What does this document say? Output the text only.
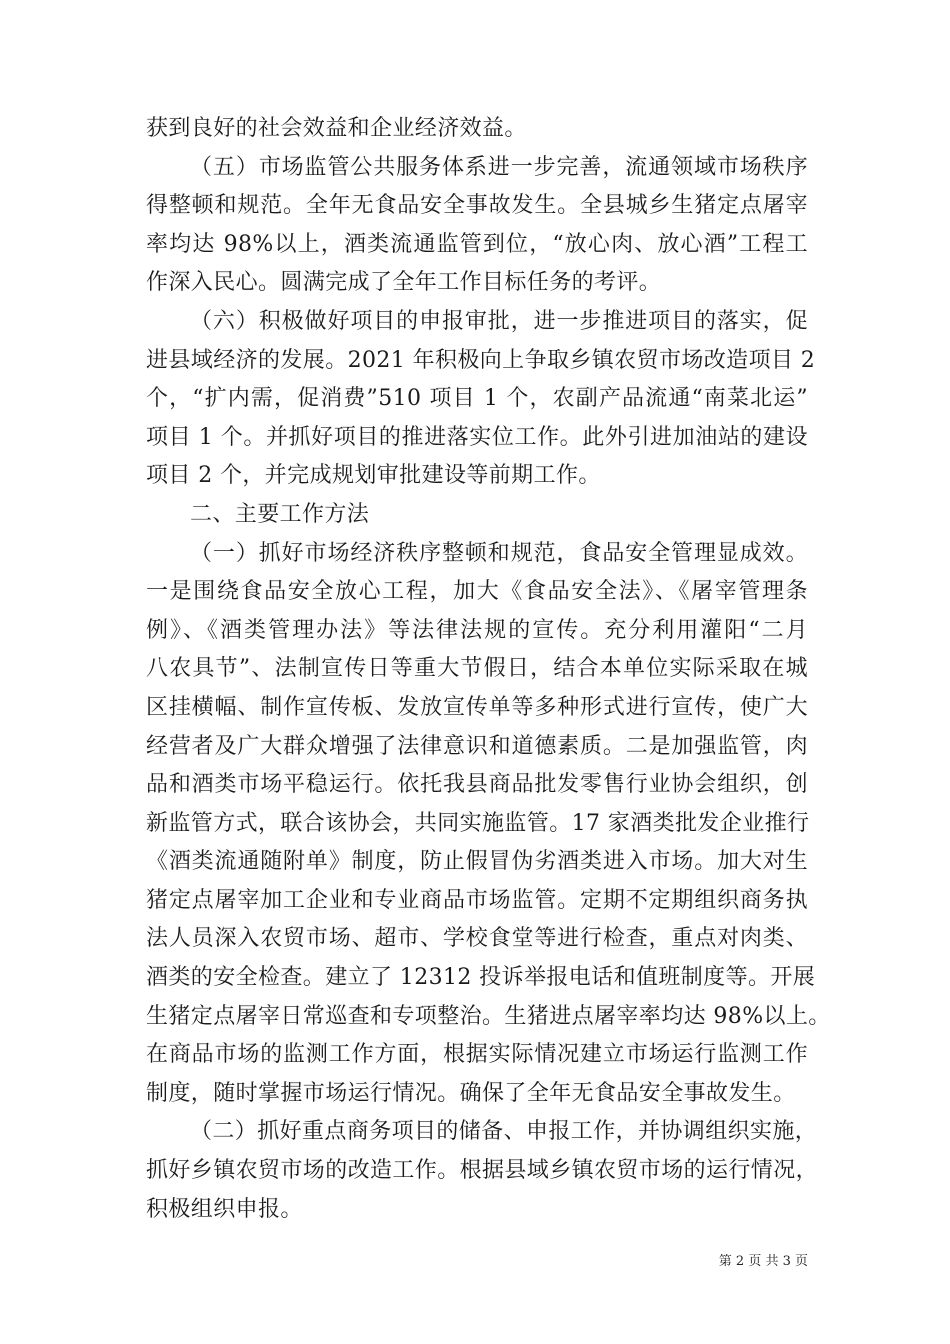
获到良好的社会效益和企业经济效益。

（五）市场监管公共服务体系进一步完善，流通领域市场秩序
得整顿和规范。全年无食品安全事故发生。全县城乡生猪定点屠宰
率均达 98%以上，酒类流通监管到位，“放心肉、放心酒”工程工
作深入民心。圆满完成了全年工作目标任务的考评。

（六）积极做好项目的申报审批，进一步推进项目的落实，促
进县域经济的发展。2021 年积极向上争取乡镇农贸市场改造项目 2
个，“扩内需，促消费”510 项目 1 个，农副产品流通“南菜北运”
项目 1 个。并抓好项目的推进落实位工作。此外引进加油站的建设
项目 2 个，并完成规划审批建设等前期工作。

二、主要工作方法

（一）抓好市场经济秩序整顿和规范，食品安全管理显成效。
一是围绕食品安全放心工程，加大《食品安全法》、《屠宰管理条
例》、《酒类管理办法》等法律法规的宣传。充分利用灌阳“二月
八农具节”、法制宣传日等重大节假日，结合本单位实际采取在城
区挂横幅、制作宣传板、发放宣传单等多种形式进行宣传，使广大
经营者及广大群众增强了法律意识和道德素质。二是加强监管，肉
品和酒类市场平稳运行。依托我县商品批发零售行业协会组织，创
新监管方式，联合该协会，共同实施监管。17 家酒类批发企业推行
《酒类流通随附单》制度，防止假冒伪劣酒类进入市场。加大对生
猪定点屠宰加工企业和专业商品市场监管。定期不定期组织商务执
法人员深入农贸市场、超市、学校食堂等进行检查，重点对肉类、
酒类的安全检查。建立了 12312 投诉举报电话和值班制度等。开展
生猪定点屠宰日常巡查和专项整治。生猪进点屠宰率均达 98%以上。
在商品市场的监测工作方面，根据实际情况建立市场运行监测工作
制度，随时掌握市场运行情况。确保了全年无食品安全事故发生。

（二）抓好重点商务项目的储备、申报工作，并协调组织实施，
抓好乡镇农贸市场的改造工作。根据县域乡镇农贸市场的运行情况，
积极组织申报。

第 2 页 共 3 页
